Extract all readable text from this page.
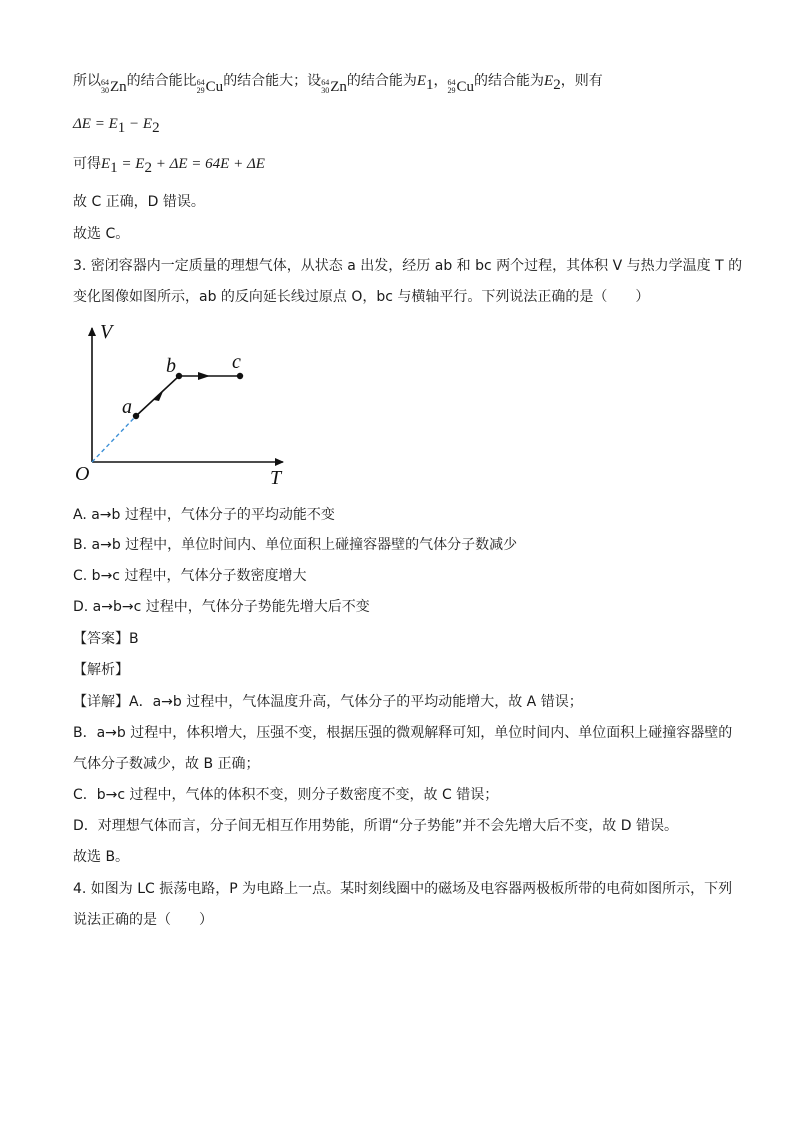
所以 64
30 Zn 的结合能比 64
29 Cu 的结合能大；设 64
30 Zn 的结合能为$E_1$， 64
29 Cu 的结合能为$E_2$，则有
$\Delta E = E_1 - E_2$
可得$E_1 = E_2 + \Delta E = 64E + \Delta E$
故 C 正确，D 错误。
故选 C。
3. 密闭容器内一定质量的理想气体，从状态 a 出发，经历 ab 和 bc 两个过程，其体积 V 与热力学温度 T 的
变化图像如图所示，ab 的反向延长线过原点 O，bc 与横轴平行。下列说法正确的是（　　）
V
T
O
a
b	c
A. a→b 过程中，气体分子的平均动能不变
B. a→b 过程中，单位时间内、单位面积上碰撞容器壁的气体分子数减少
C. b→c 过程中，气体分子数密度增大
D. a→b→c 过程中，气体分子势能先增大后不变
【答案】B
【解析】
【详解】A．a→b 过程中，气体温度升高，气体分子的平均动能增大，故 A 错误；
B．a→b 过程中，体积增大，压强不变，根据压强的微观解释可知，单位时间内、单位面积上碰撞容器壁的
气体分子数减少，故 B 正确；
C．b→c 过程中，气体的体积不变，则分子数密度不变，故 C 错误；
D．对理想气体而言，分子间无相互作用势能，所谓“分子势能”并不会先增大后不变，故 D 错误。
故选 B。
4. 如图为 LC 振荡电路，P 为电路上一点。某时刻线圈中的磁场及电容器两极板所带的电荷如图所示，下列
说法正确的是（　　）
